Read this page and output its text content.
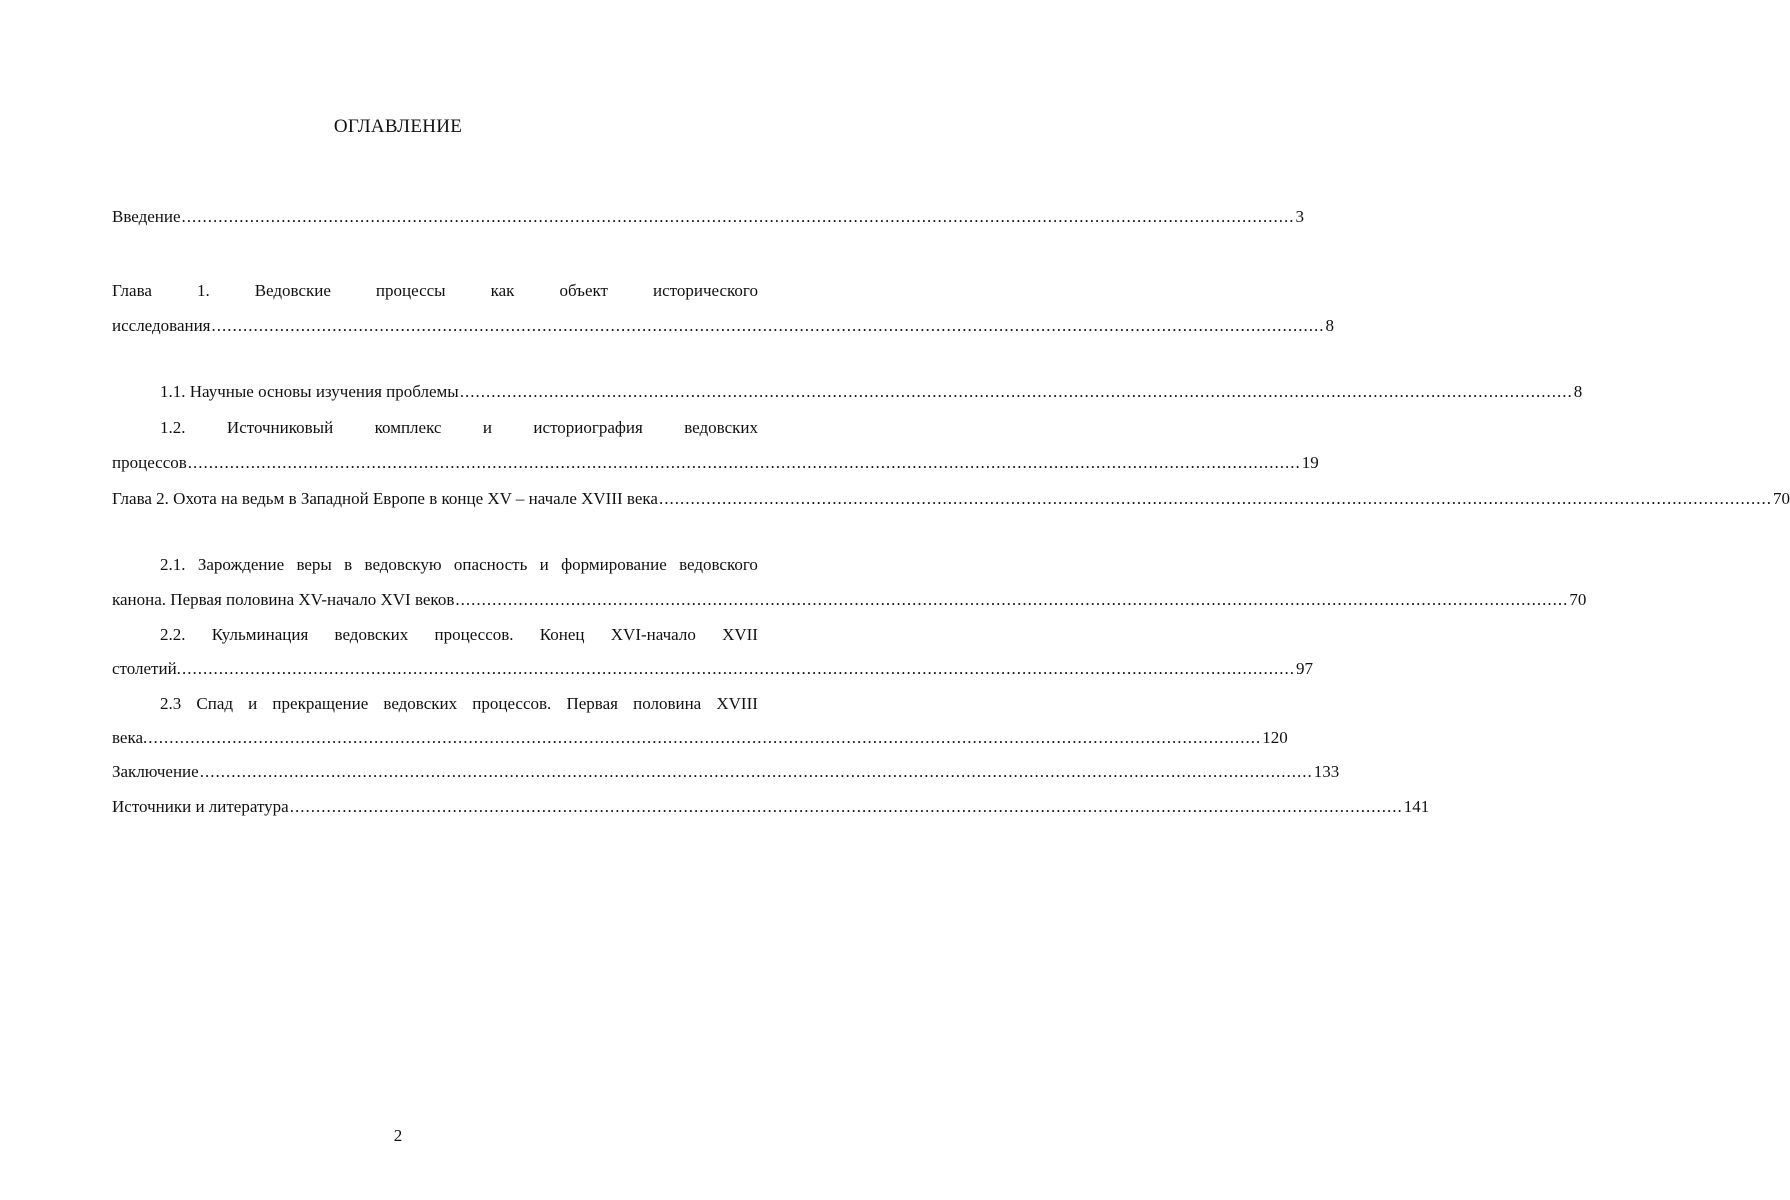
ОГЛАВЛЕНИЕ
Введение .................................................................................................................................................................................................................... 3
Глава	1.	Ведовские	процессы	как	объект	исторического
исследования .................................................................................................................................................................................................................... 8
1.1. Научные основы изучения проблемы .................................................................................................................................................................................................................... 8
1.2. Источниковый комплекс и историография ведовских
процессов .................................................................................................................................................................................................................... 19
Глава 2. Охота на ведьм в Западной Европе в конце XV – начале XVIII века .................................................................................................................................................................................................................... 70
2.1. Зарождение веры в ведовскую опасность и формирование ведовского
канона. Первая половина XV-начало XVI веков .................................................................................................................................................................................................................... 70
2.2. Кульминация ведовских процессов. Конец XVI-начало XVII
столетий. .................................................................................................................................................................................................................... 97
2.3 Спад и прекращение ведовских процессов. Первая половина XVIII
века. .................................................................................................................................................................................................................... 120
Заключение .................................................................................................................................................................................................................... 133
Источники и литература .................................................................................................................................................................................................................... 141
2
